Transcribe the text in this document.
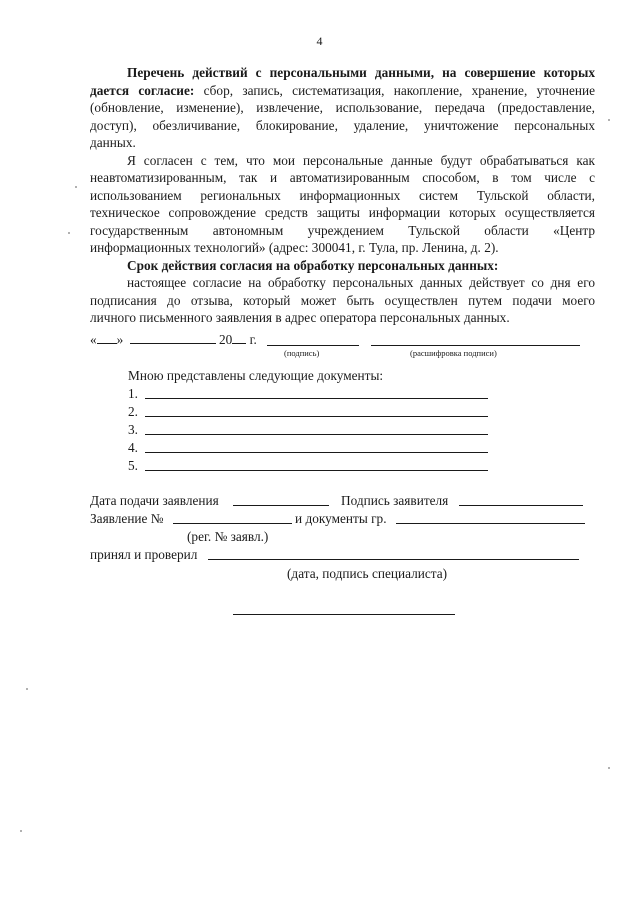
4
Перечень действий с персональными данными, на совершение которых
дается согласие: сбор, запись, систематизация, накопление, хранение, уточнение
(обновление, изменение), извлечение, использование, передача (предоставление,
доступ), обезличивание, блокирование, удаление, уничтожение персональных
данных.
Я согласен с тем, что мои персональные данные будут обрабатываться как
неавтоматизированным, так и автоматизированным способом, в том числе с
использованием региональных информационных систем Тульской области,
техническое сопровождение средств защиты информации которых осуществляется
государственным автономным учреждением Тульской области «Центр
информационных технологий» (адрес: 300041, г. Тула, пр. Ленина, д. 2).
Срок действия согласия на обработку персональных данных:
настоящее согласие на обработку персональных данных действует со дня его
подписания до отзыва, который может быть осуществлен путем подачи моего
личного письменного заявления в адрес оператора персональных данных.
« »	20 г.
(подпись)	(расшифровка подписи)
Мною представлены следующие документы:
1.
2.
3.
4.
5.
Дата подачи заявления	Подпись заявителя
Заявление №	и документы гр.
(рег. № заявл.)
принял и проверил
(дата, подпись специалиста)
